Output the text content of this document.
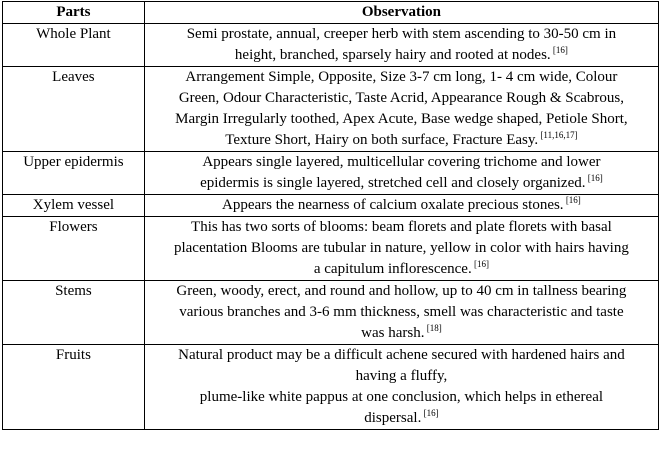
Parts	Observation
Whole Plant	Semi prostate, annual, creeper herb with stem ascending to 30-50 cm in
height, branched, sparsely hairy and rooted at nodes. [16]
Leaves	Arrangement Simple, Opposite, Size 3-7 cm long, 1- 4 cm wide, Colour
Green, Odour Characteristic, Taste Acrid, Appearance Rough & Scabrous,
Margin Irregularly toothed, Apex Acute, Base wedge shaped, Petiole Short,
Texture Short, Hairy on both surface, Fracture Easy. [11,16,17]
Upper epidermis	Appears single layered, multicellular covering trichome and lower
epidermis is single layered, stretched cell and closely organized. [16]
Xylem vessel	Appears the nearness of calcium oxalate precious stones. [16]
Flowers	This has two sorts of blooms: beam florets and plate florets with basal
placentation Blooms are tubular in nature, yellow in color with hairs having
a capitulum inflorescence. [16]
Stems	Green, woody, erect, and round and hollow, up to 40 cm in tallness bearing
various branches and 3-6 mm thickness, smell was characteristic and taste
was harsh. [18]
Fruits	Natural product may be a difficult achene secured with hardened hairs and
having a fluffy,
plume-like white pappus at one conclusion, which helps in ethereal
dispersal. [16]
